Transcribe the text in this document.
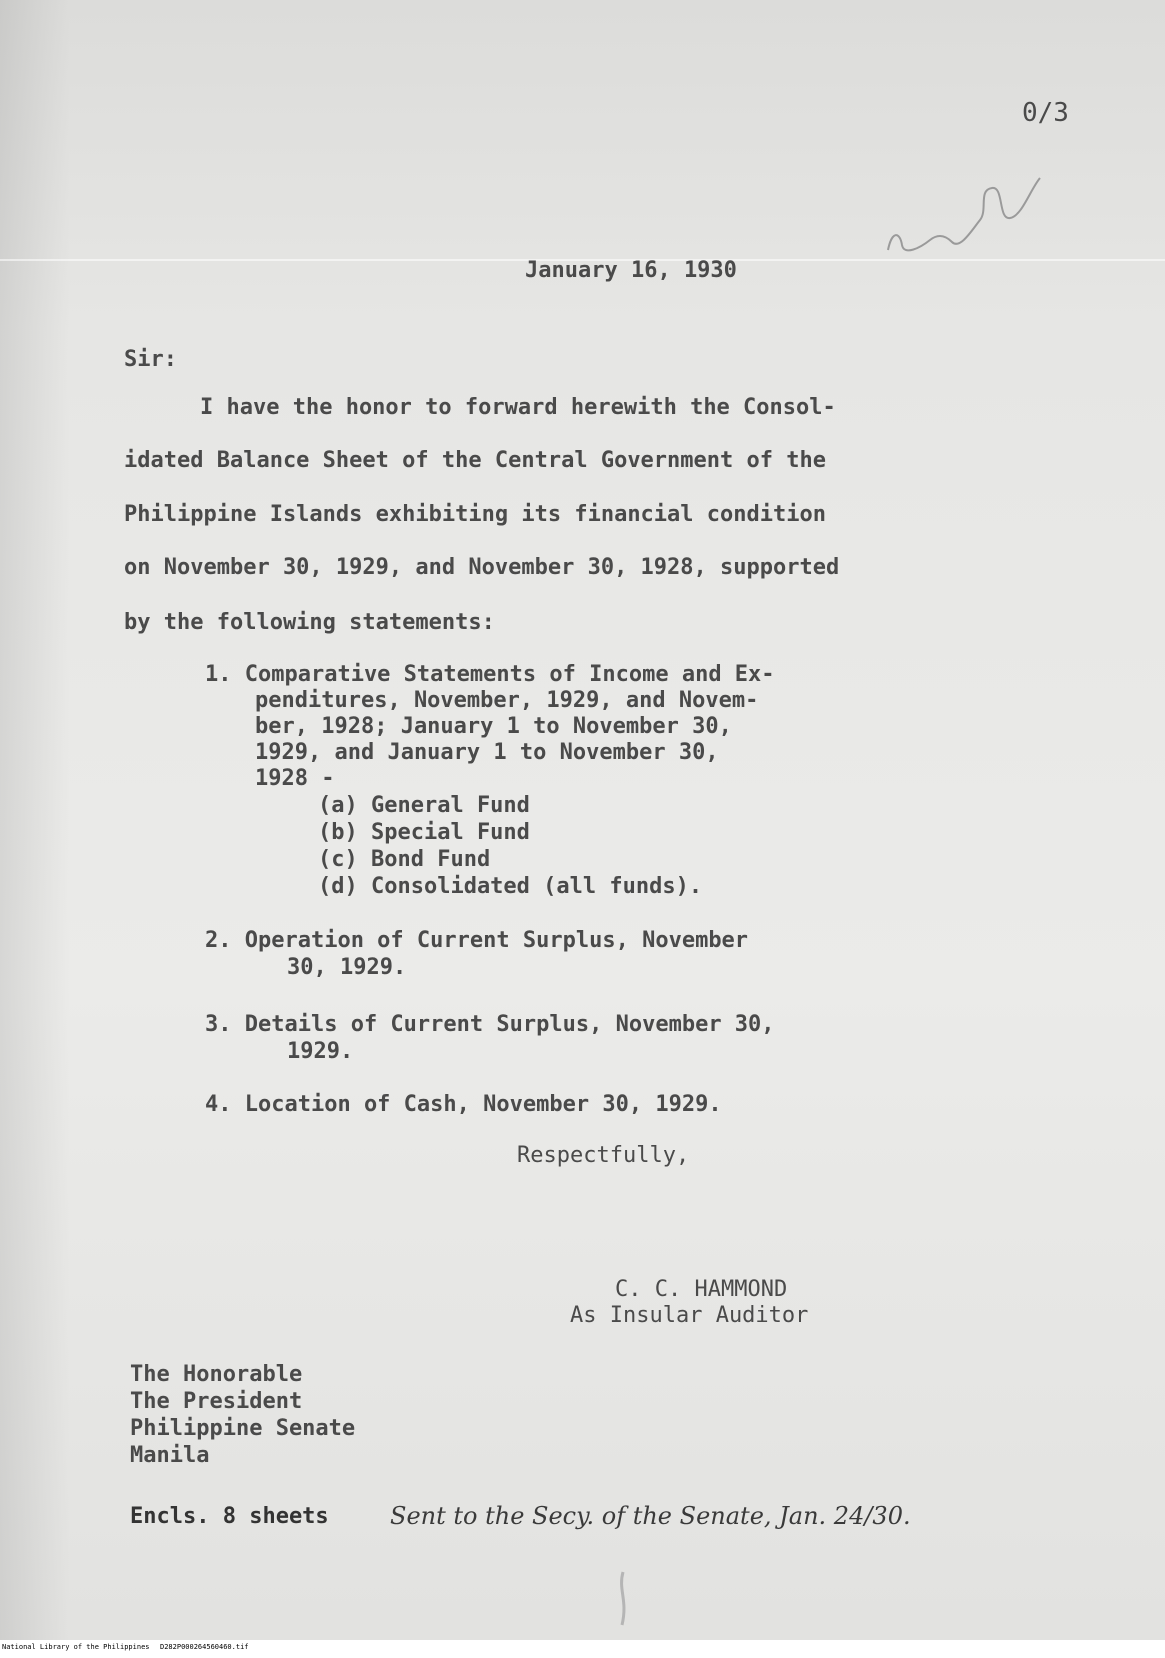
0/3
January 16, 1930
Sir:
I have the honor to forward herewith the Consol-
idated Balance Sheet of the Central Government of the
Philippine Islands exhibiting its financial condition
on November 30, 1929, and November 30, 1928, supported
by the following statements:
1. Comparative Statements of Income and Ex-
penditures, November, 1929, and Novem-
ber, 1928; January 1 to November 30,
1929, and January 1 to November 30,
1928 -
(a) General Fund
(b) Special Fund
(c) Bond Fund
(d) Consolidated (all funds).
2. Operation of Current Surplus, November
30, 1929.
3. Details of Current Surplus, November 30,
1929.
4. Location of Cash, November 30, 1929.
Respectfully,
C. C. HAMMOND
As Insular Auditor
The Honorable
The President
Philippine Senate
Manila
Encls. 8 sheets	Sent to the Secy. of the Senate, Jan. 24/30.
National Library of the Philippines D282P000264560460.tif
